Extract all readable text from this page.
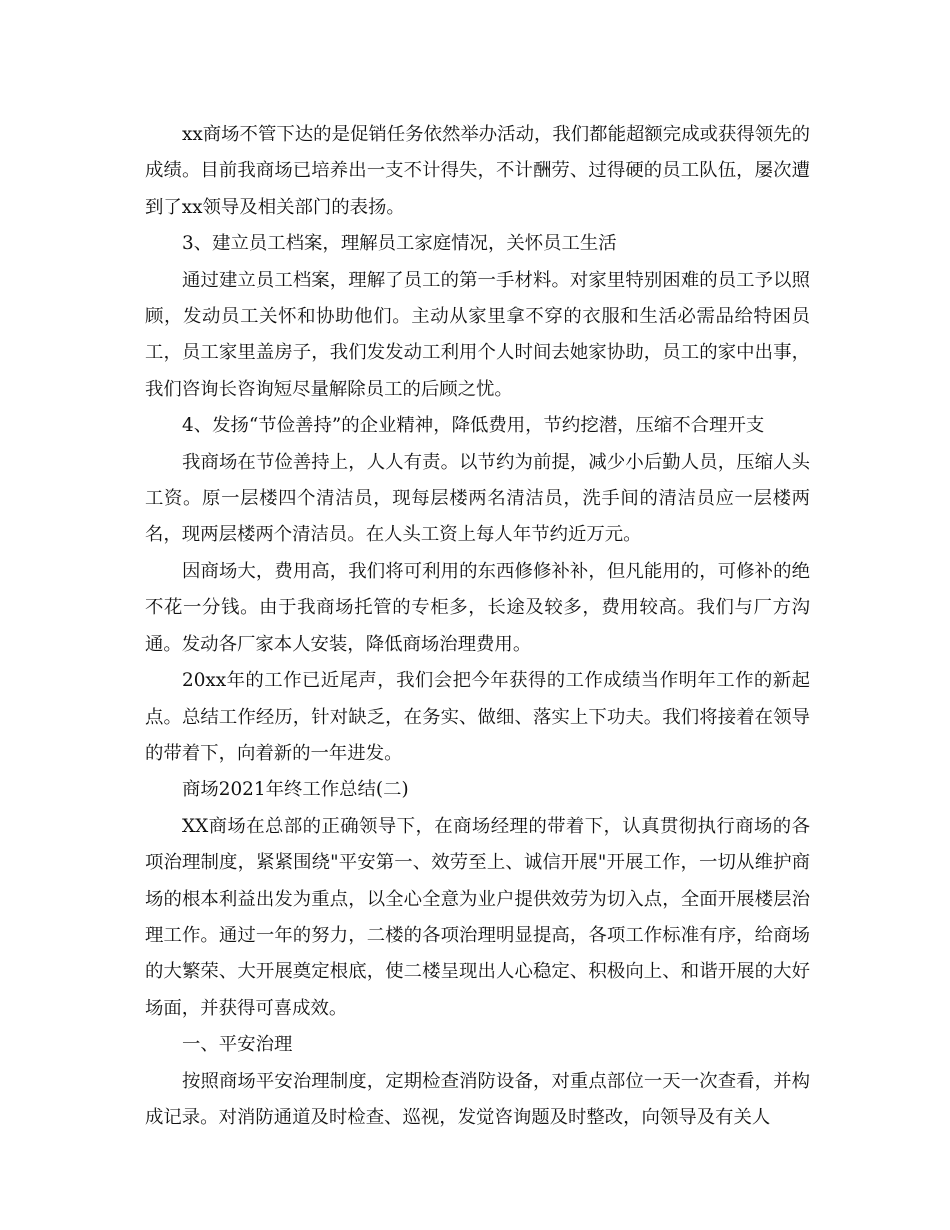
xx商场不管下达的是促销任务依然举办活动，我们都能超额完成或获得领先的成绩。目前我商场已培养出一支不计得失，不计酬劳、过得硬的员工队伍，屡次遭到了xx领导及相关部门的表扬。

3、建立员工档案，理解员工家庭情况，关怀员工生活

通过建立员工档案，理解了员工的第一手材料。对家里特别困难的员工予以照顾，发动员工关怀和协助他们。主动从家里拿不穿的衣服和生活必需品给特困员工，员工家里盖房子，我们发发动工利用个人时间去她家协助，员工的家中出事，我们咨询长咨询短尽量解除员工的后顾之忧。

4、发扬“节俭善持”的企业精神，降低费用，节约挖潜，压缩不合理开支

我商场在节俭善持上，人人有责。以节约为前提，减少小后勤人员，压缩人头工资。原一层楼四个清洁员，现每层楼两名清洁员，洗手间的清洁员应一层楼两名，现两层楼两个清洁员。在人头工资上每人年节约近万元。

因商场大，费用高，我们将可利用的东西修修补补，但凡能用的，可修补的绝不花一分钱。由于我商场托管的专柜多，长途及较多，费用较高。我们与厂方沟通。发动各厂家本人安装，降低商场治理费用。

20xx年的工作已近尾声，我们会把今年获得的工作成绩当作明年工作的新起点。总结工作经历，针对缺乏，在务实、做细、落实上下功夫。我们将接着在领导的带着下，向着新的一年进发。

商场2021年终工作总结(二)

XX商场在总部的正确领导下，在商场经理的带着下，认真贯彻执行商场的各项治理制度，紧紧围绕"平安第一、效劳至上、诚信开展"开展工作，一切从维护商场的根本利益出发为重点，以全心全意为业户提供效劳为切入点，全面开展楼层治理工作。通过一年的努力，二楼的各项治理明显提高，各项工作标准有序，给商场的大繁荣、大开展奠定根底，使二楼呈现出人心稳定、积极向上、和谐开展的大好场面，并获得可喜成效。

一、平安治理

按照商场平安治理制度，定期检查消防设备，对重点部位一天一次查看，并构成记录。对消防通道及时检查、巡视，发觉咨询题及时整改，向领导及有关人
